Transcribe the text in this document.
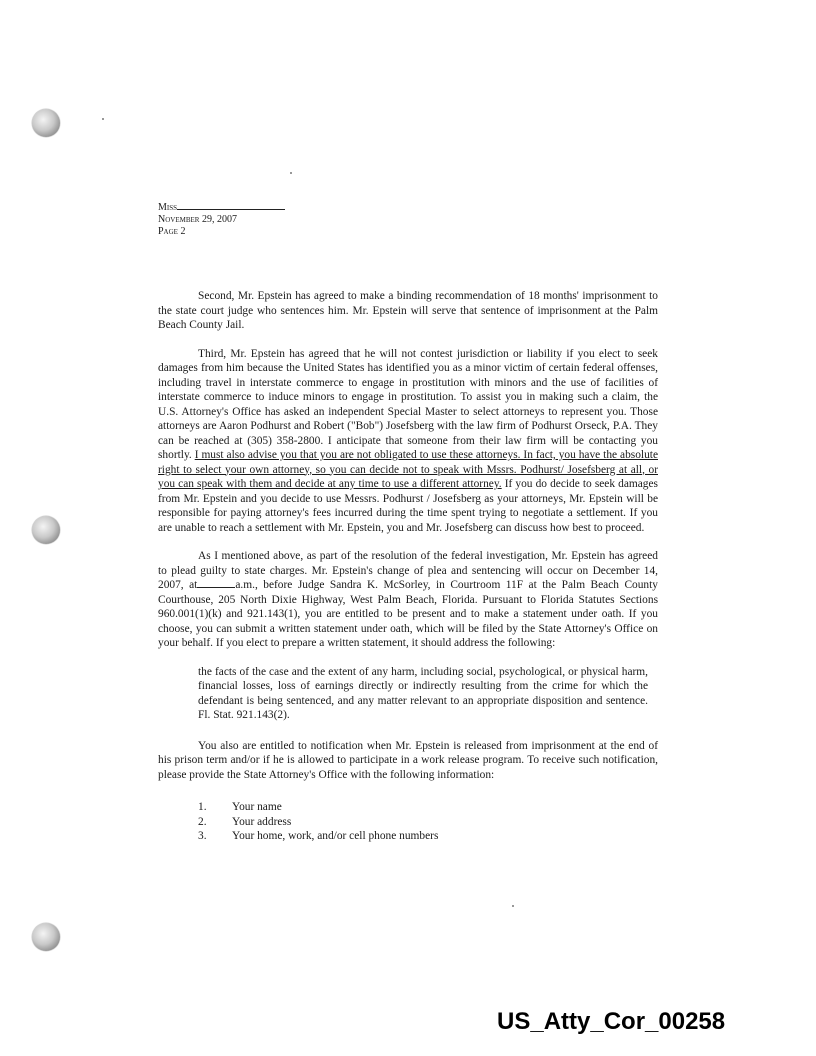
Miss
November 29, 2007
Page 2

Second, Mr. Epstein has agreed to make a binding recommendation of 18 months' imprisonment to the state court judge who sentences him. Mr. Epstein will serve that sentence of imprisonment at the Palm Beach County Jail.

Third, Mr. Epstein has agreed that he will not contest jurisdiction or liability if you elect to seek damages from him because the United States has identified you as a minor victim of certain federal offenses, including travel in interstate commerce to engage in prostitution with minors and the use of facilities of interstate commerce to induce minors to engage in prostitution. To assist you in making such a claim, the U.S. Attorney's Office has asked an independent Special Master to select attorneys to represent you. Those attorneys are Aaron Podhurst and Robert ("Bob") Josefsberg with the law firm of Podhurst Orseck, P.A. They can be reached at (305) 358-2800. I anticipate that someone from their law firm will be contacting you shortly. I must also advise you that you are not obligated to use these attorneys. In fact, you have the absolute right to select your own attorney, so you can decide not to speak with Mssrs. Podhurst/ Josefsberg at all, or you can speak with them and decide at any time to use a different attorney. If you do decide to seek damages from Mr. Epstein and you decide to use Messrs. Podhurst / Josefsberg as your attorneys, Mr. Epstein will be responsible for paying attorney's fees incurred during the time spent trying to negotiate a settlement. If you are unable to reach a settlement with Mr. Epstein, you and Mr. Josefsberg can discuss how best to proceed.

As I mentioned above, as part of the resolution of the federal investigation, Mr. Epstein has agreed to plead guilty to state charges. Mr. Epstein's change of plea and sentencing will occur on December 14, 2007, at	a.m., before Judge Sandra K. McSorley, in Courtroom 11F at the Palm Beach County Courthouse, 205 North Dixie Highway, West Palm Beach, Florida. Pursuant to Florida Statutes Sections 960.001(1)(k) and 921.143(1), you are entitled to be present and to make a statement under oath. If you choose, you can submit a written statement under oath, which will be filed by the State Attorney's Office on your behalf. If you elect to prepare a written statement, it should address the following:

the facts of the case and the extent of any harm, including social, psychological, or physical harm, financial losses, loss of earnings directly or indirectly resulting from the crime for which the defendant is being sentenced, and any matter relevant to an appropriate disposition and sentence. Fl. Stat. 921.143(2).

You also are entitled to notification when Mr. Epstein is released from imprisonment at the end of his prison term and/or if he is allowed to participate in a work release program. To receive such notification, please provide the State Attorney's Office with the following information:

1.	Your name
2.	Your address
3.	Your home, work, and/or cell phone numbers
US_Atty_Cor_00258
